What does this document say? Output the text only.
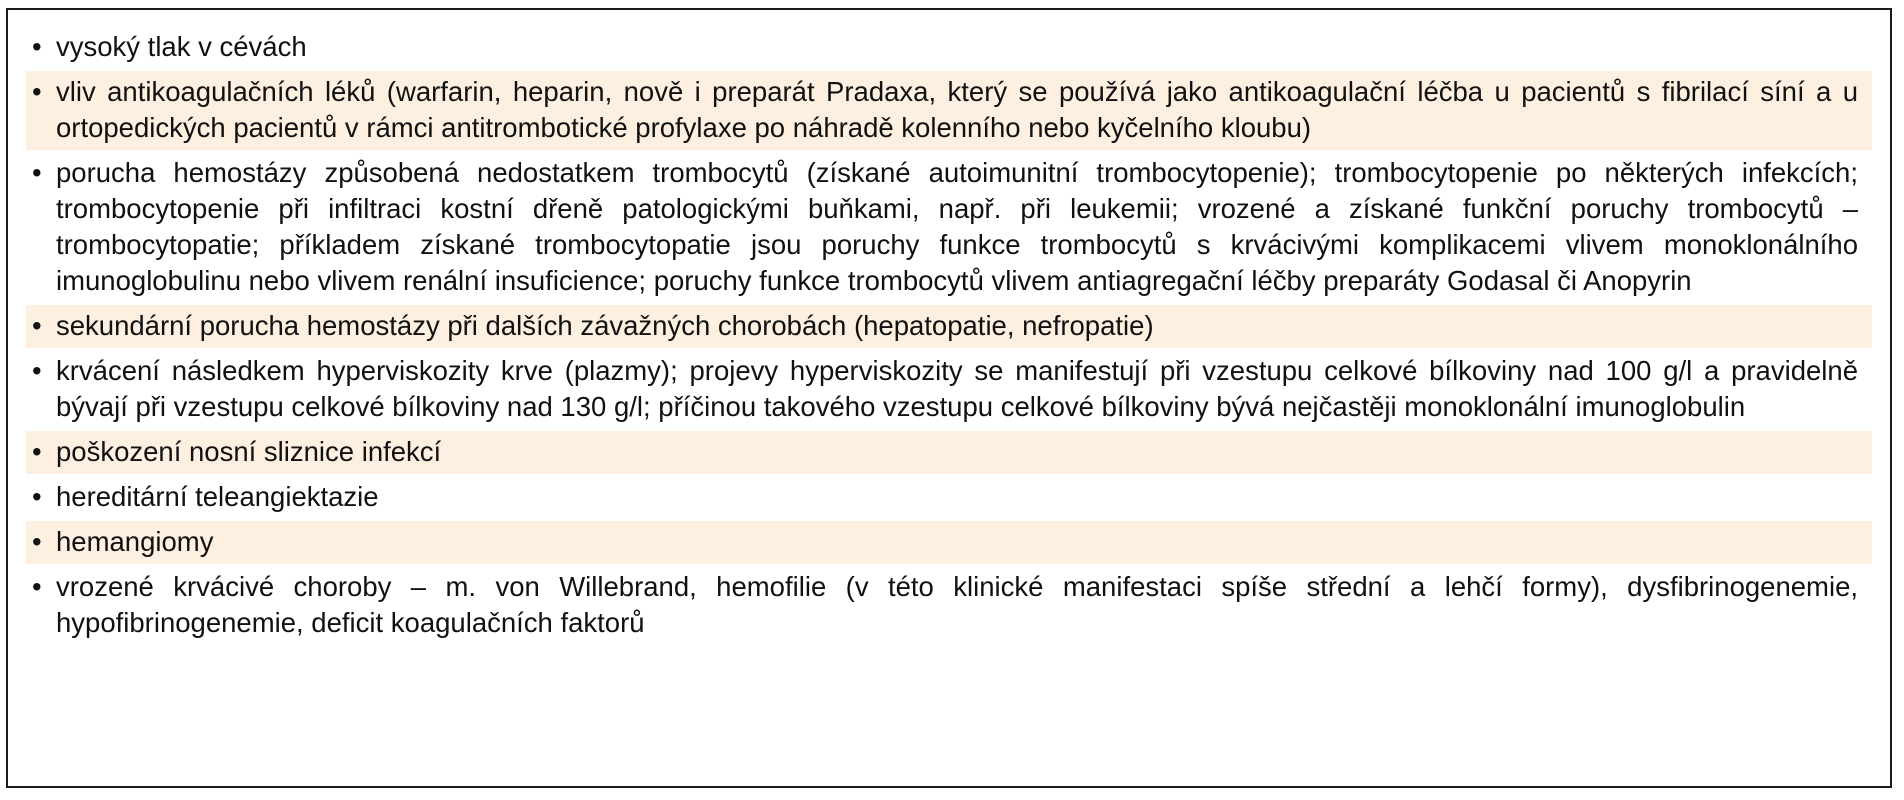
• vysoký tlak v cévách
• vliv antikoagulačních léků (warfarin, heparin, nově i preparát Pradaxa, který se používá jako antikoagulační léčba u pacientů s fibrilací síní a u ortopedických pacientů v rámci antitrombotické profylaxe po náhradě kolenního nebo kyčelního kloubu)
• porucha hemostázy způsobená nedostatkem trombocytů (získané autoimunitní trombocytopenie); trombocytopenie po některých infekcích; trombocytopenie při infiltraci kostní dřeně patologickými buňkami, např. při leukemii; vrozené a získané funkční poruchy trombocytů – trombocytopatie; příkladem získané trombocytopatie jsou poruchy funkce trombocytů s krvácivými komplikacemi vlivem monoklonálního imunoglobulinu nebo vlivem renální insuficience; poruchy funkce trombocytů vlivem antiagregační léčby preparáty Godasal či Anopyrin
• sekundární porucha hemostázy při dalších závažných chorobách (hepatopatie, nefropatie)
• krvácení následkem hyperviskozity krve (plazmy); projevy hyperviskozity se manifestují při vzestupu celkové bílkoviny nad 100 g/l a pravidelně bývají při vzestupu celkové bílkoviny nad 130 g/l; příčinou takového vzestupu celkové bílkoviny bývá nejčastěji monoklonální imunoglobulin
• poškození nosní sliznice infekcí
• hereditární teleangiektazie
• hemangiomy
• vrozené krvácivé choroby – m. von Willebrand, hemofilie (v této klinické manifestaci spíše střední a lehčí formy), dysfibrinogenemie, hypofibrinogenemie, deficit koagulačních faktorů
